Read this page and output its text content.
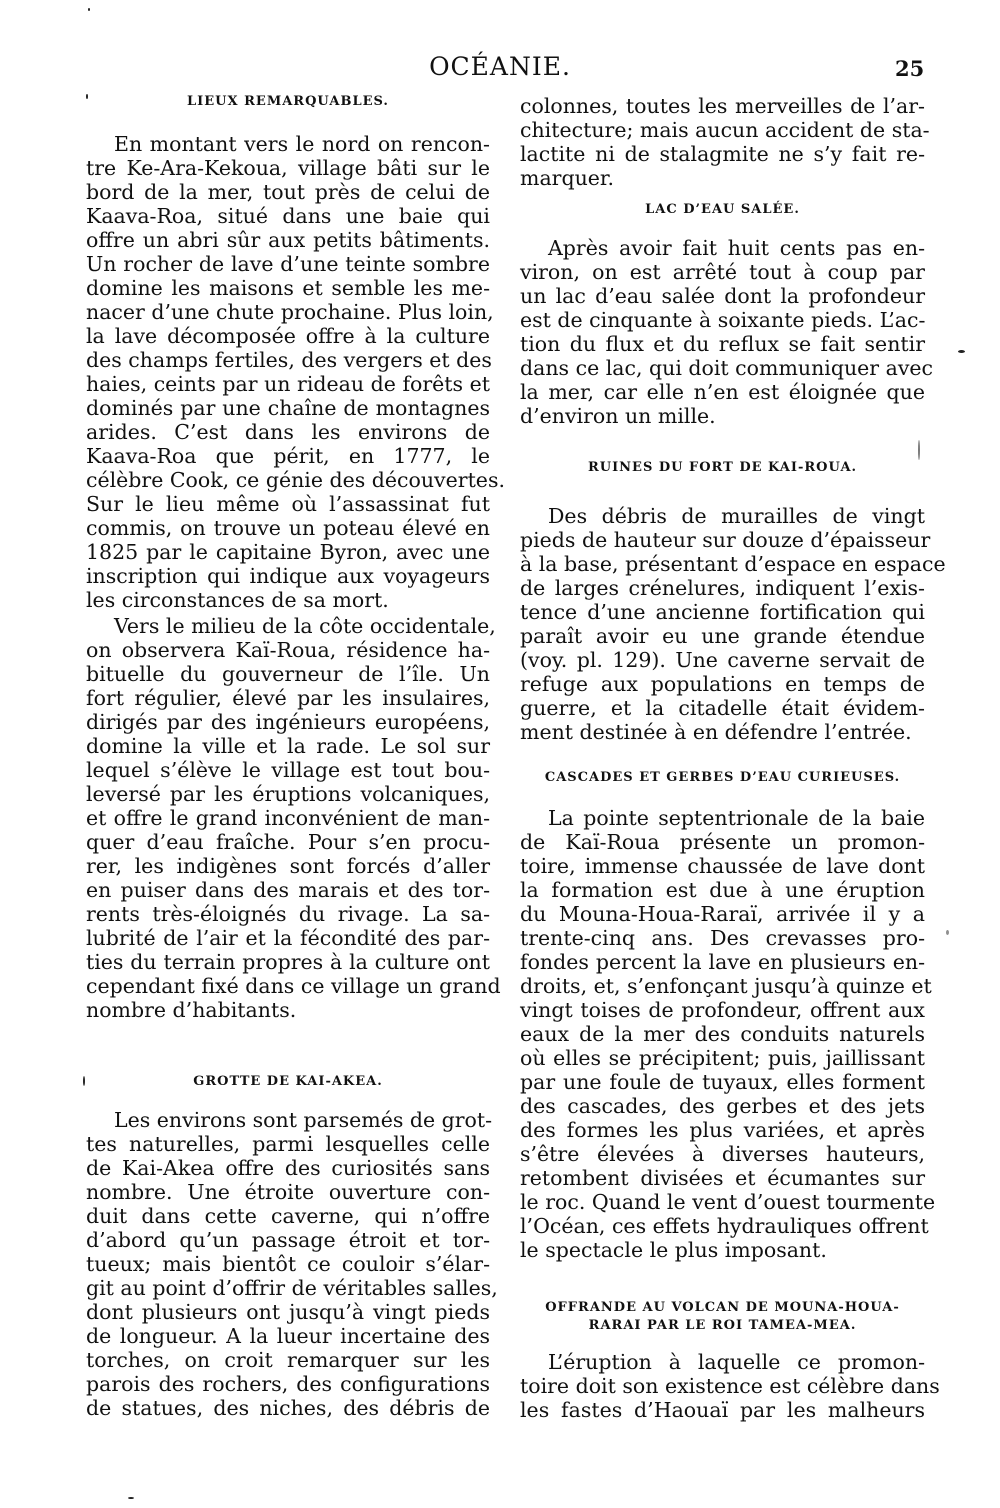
OCÉANIE.	25
LIEUX REMARQUABLES.
En montant vers le nord on rencon-
tre Ke-Ara-Kekoua, village bâti sur le
bord de la mer, tout près de celui de
Kaava-Roa, situé dans une baie qui
offre un abri sûr aux petits bâtiments.
Un rocher de lave d’une teinte sombre
domine les maisons et semble les me-
nacer d’une chute prochaine. Plus loin,
la lave décomposée offre à la culture
des champs fertiles, des vergers et des
haies, ceints par un rideau de forêts et
dominés par une chaîne de montagnes
arides. C’est dans les environs de
Kaava-Roa que périt, en 1777, le
célèbre Cook, ce génie des découvertes.
Sur le lieu même où l’assassinat fut
commis, on trouve un poteau élevé en
1825 par le capitaine Byron, avec une
inscription qui indique aux voyageurs
les circonstances de sa mort.
Vers le milieu de la côte occidentale,
on observera Kaï-Roua, résidence ha-
bituelle du gouverneur de l’île. Un
fort régulier, élevé par les insulaires,
dirigés par des ingénieurs européens,
domine la ville et la rade. Le sol sur
lequel s’élève le village est tout bou-
leversé par les éruptions volcaniques,
et offre le grand inconvénient de man-
quer d’eau fraîche. Pour s’en procu-
rer, les indigènes sont forcés d’aller
en puiser dans des marais et des tor-
rents très-éloignés du rivage. La sa-
lubrité de l’air et la fécondité des par-
ties du terrain propres à la culture ont
cependant fixé dans ce village un grand
nombre d’habitants.
GROTTE DE KAI-AKEA.
Les environs sont parsemés de grot-
tes naturelles, parmi lesquelles celle
de Kai-Akea offre des curiosités sans
nombre. Une étroite ouverture con-
duit dans cette caverne, qui n’offre
d’abord qu’un passage étroit et tor-
tueux; mais bientôt ce couloir s’élar-
git au point d’offrir de véritables salles,
dont plusieurs ont jusqu’à vingt pieds
de longueur. A la lueur incertaine des
torches, on croit remarquer sur les
parois des rochers, des configurations
de statues, des niches, des débris de
colonnes, toutes les merveilles de l’ar-
chitecture; mais aucun accident de sta-
lactite ni de stalagmite ne s’y fait re-
marquer.
LAC D’EAU SALÉE.
Après avoir fait huit cents pas en-
viron, on est arrêté tout à coup par
un lac d’eau salée dont la profondeur
est de cinquante à soixante pieds. L’ac-
tion du flux et du reflux se fait sentir
dans ce lac, qui doit communiquer avec
la mer, car elle n’en est éloignée que
d’environ un mille.
RUINES DU FORT DE KAI-ROUA.
Des débris de murailles de vingt
pieds de hauteur sur douze d’épaisseur
à la base, présentant d’espace en espace
de larges crénelures, indiquent l’exis-
tence d’une ancienne fortification qui
paraît avoir eu une grande étendue
(voy. pl. 129). Une caverne servait de
refuge aux populations en temps de
guerre, et la citadelle était évidem-
ment destinée à en défendre l’entrée.
CASCADES ET GERBES D’EAU CURIEUSES.
La pointe septentrionale de la baie
de Kaï-Roua présente un promon-
toire, immense chaussée de lave dont
la formation est due à une éruption
du Mouna-Houa-Raraï, arrivée il y a
trente-cinq ans. Des crevasses pro-
fondes percent la lave en plusieurs en-
droits, et, s’enfonçant jusqu’à quinze et
vingt toises de profondeur, offrent aux
eaux de la mer des conduits naturels
où elles se précipitent; puis, jaillissant
par une foule de tuyaux, elles forment
des cascades, des gerbes et des jets
des formes les plus variées, et après
s’être élevées à diverses hauteurs,
retombent divisées et écumantes sur
le roc. Quand le vent d’ouest tourmente
l’Océan, ces effets hydrauliques offrent
le spectacle le plus imposant.
OFFRANDE AU VOLCAN DE MOUNA-HOUA-
RARAI PAR LE ROI TAMEA-MEA.
L’éruption à laquelle ce promon-
toire doit son existence est célèbre dans
les fastes d’Haouaï par les malheurs
